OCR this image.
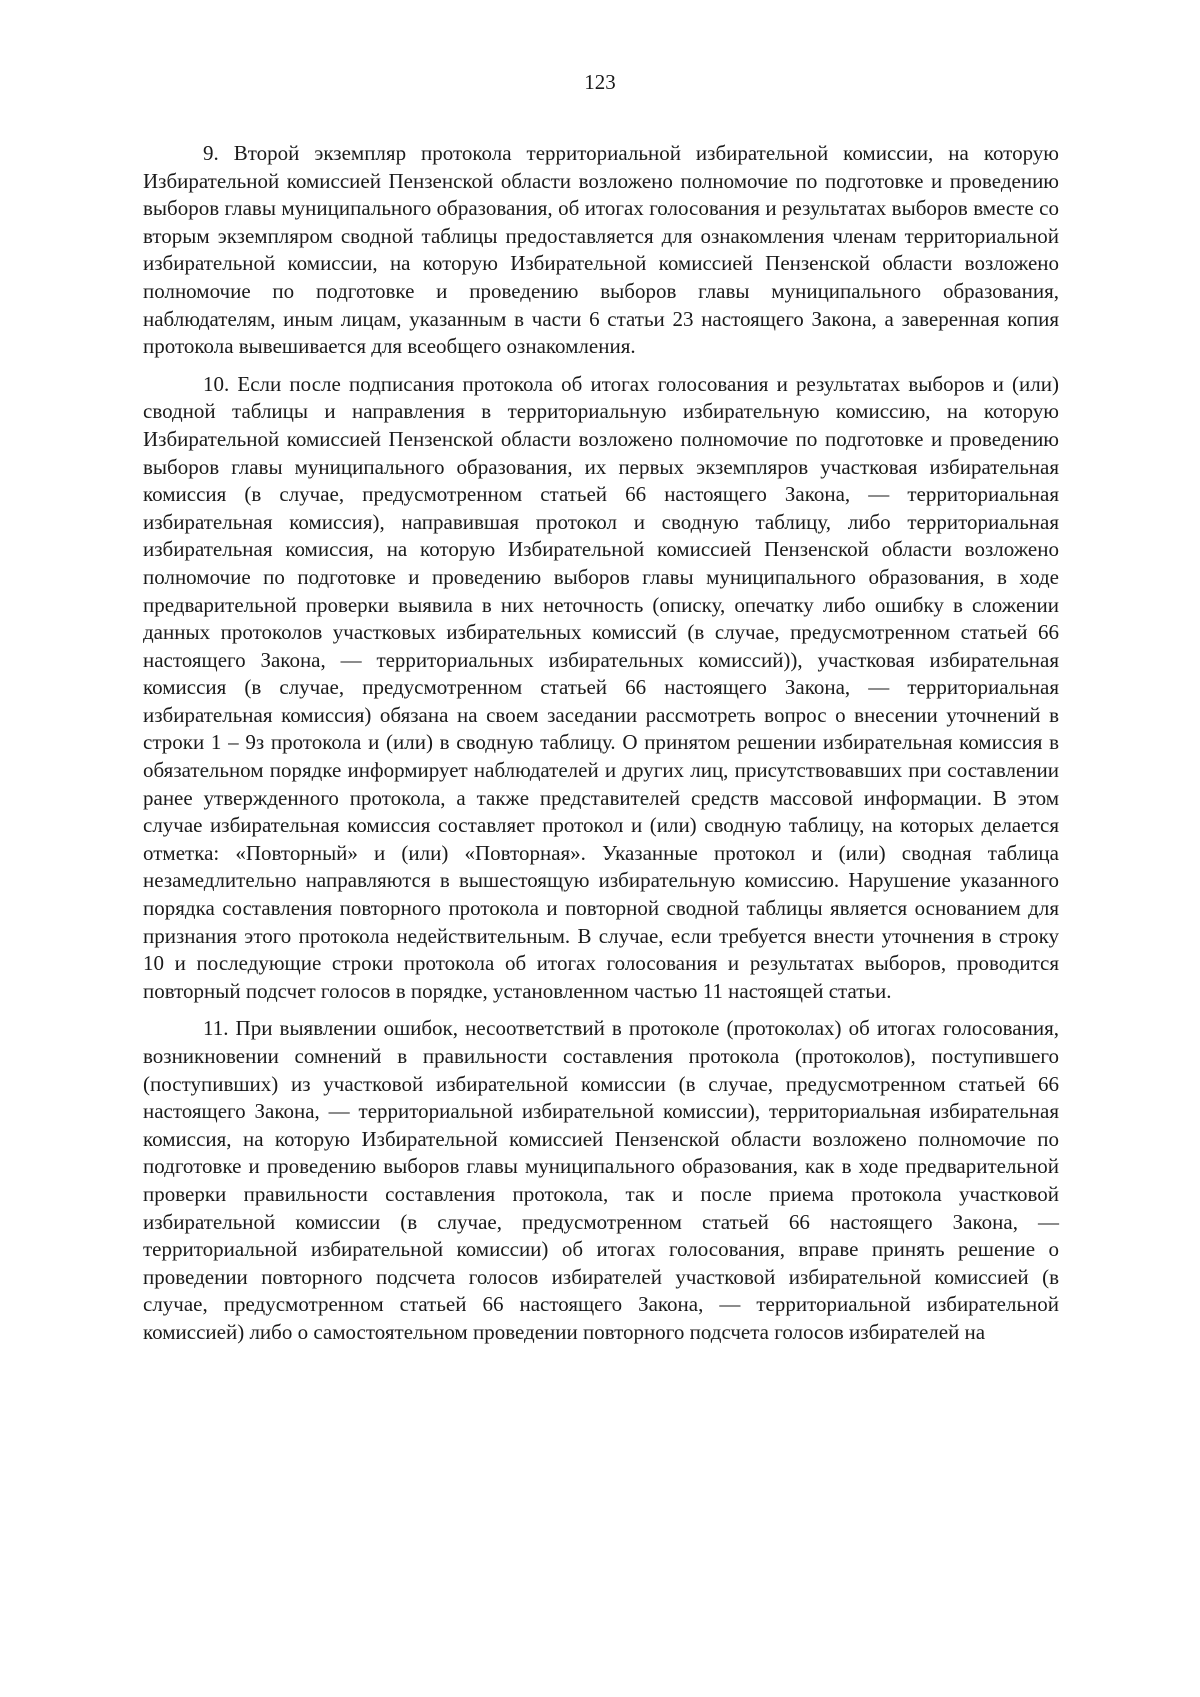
123

9. Второй экземпляр протокола территориальной избирательной комиссии, на которую Избирательной комиссией Пензенской области возложено полномочие по подготовке и проведению выборов главы муниципального образования, об итогах голосования и результатах выборов вместе со вторым экземпляром сводной таблицы предоставляется для ознакомления членам территориальной избирательной комиссии, на которую Избирательной комиссией Пензенской области возложено полномочие по подготовке и проведению выборов главы муниципального образования, наблюдателям, иным лицам, указанным в части 6 статьи 23 настоящего Закона, а заверенная копия протокола вывешивается для всеобщего ознакомления.

10. Если после подписания протокола об итогах голосования и результатах выборов и (или) сводной таблицы и направления в территориальную избирательную комиссию, на которую Избирательной комиссией Пензенской области возложено полномочие по подготовке и проведению выборов главы муниципального образования, их первых экземпляров участковая избирательная комиссия (в случае, предусмотренном статьей 66 настоящего Закона, — территориальная избирательная комиссия), направившая протокол и сводную таблицу, либо территориальная избирательная комиссия, на которую Избирательной комиссией Пензенской области возложено полномочие по подготовке и проведению выборов главы муниципального образования, в ходе предварительной проверки выявила в них неточность (описку, опечатку либо ошибку в сложении данных протоколов участковых избирательных комиссий (в случае, предусмотренном статьей 66 настоящего Закона, — территориальных избирательных комиссий)), участковая избирательная комиссия (в случае, предусмотренном статьей 66 настоящего Закона, — территориальная избирательная комиссия) обязана на своем заседании рассмотреть вопрос о внесении уточнений в строки 1 – 9з протокола и (или) в сводную таблицу. О принятом решении избирательная комиссия в обязательном порядке информирует наблюдателей и других лиц, присутствовавших при составлении ранее утвержденного протокола, а также представителей средств массовой информации. В этом случае избирательная комиссия составляет протокол и (или) сводную таблицу, на которых делается отметка: «Повторный» и (или) «Повторная». Указанные протокол и (или) сводная таблица незамедлительно направляются в вышестоящую избирательную комиссию. Нарушение указанного порядка составления повторного протокола и повторной сводной таблицы является основанием для признания этого протокола недействительным. В случае, если требуется внести уточнения в строку 10 и последующие строки протокола об итогах голосования и результатах выборов, проводится повторный подсчет голосов в порядке, установленном частью 11 настоящей статьи.

11. При выявлении ошибок, несоответствий в протоколе (протоколах) об итогах голосования, возникновении сомнений в правильности составления протокола (протоколов), поступившего (поступивших) из участковой избирательной комиссии (в случае, предусмотренном статьей 66 настоящего Закона, — территориальной избирательной комиссии), территориальная избирательная комиссия, на которую Избирательной комиссией Пензенской области возложено полномочие по подготовке и проведению выборов главы муниципального образования, как в ходе предварительной проверки правильности составления протокола, так и после приема протокола участковой избирательной комиссии (в случае, предусмотренном статьей 66 настоящего Закона, — территориальной избирательной комиссии) об итогах голосования, вправе принять решение о проведении повторного подсчета голосов избирателей участковой избирательной комиссией (в случае, предусмотренном статьей 66 настоящего Закона, — территориальной избирательной комиссией) либо о самостоятельном проведении повторного подсчета голосов избирателей на
